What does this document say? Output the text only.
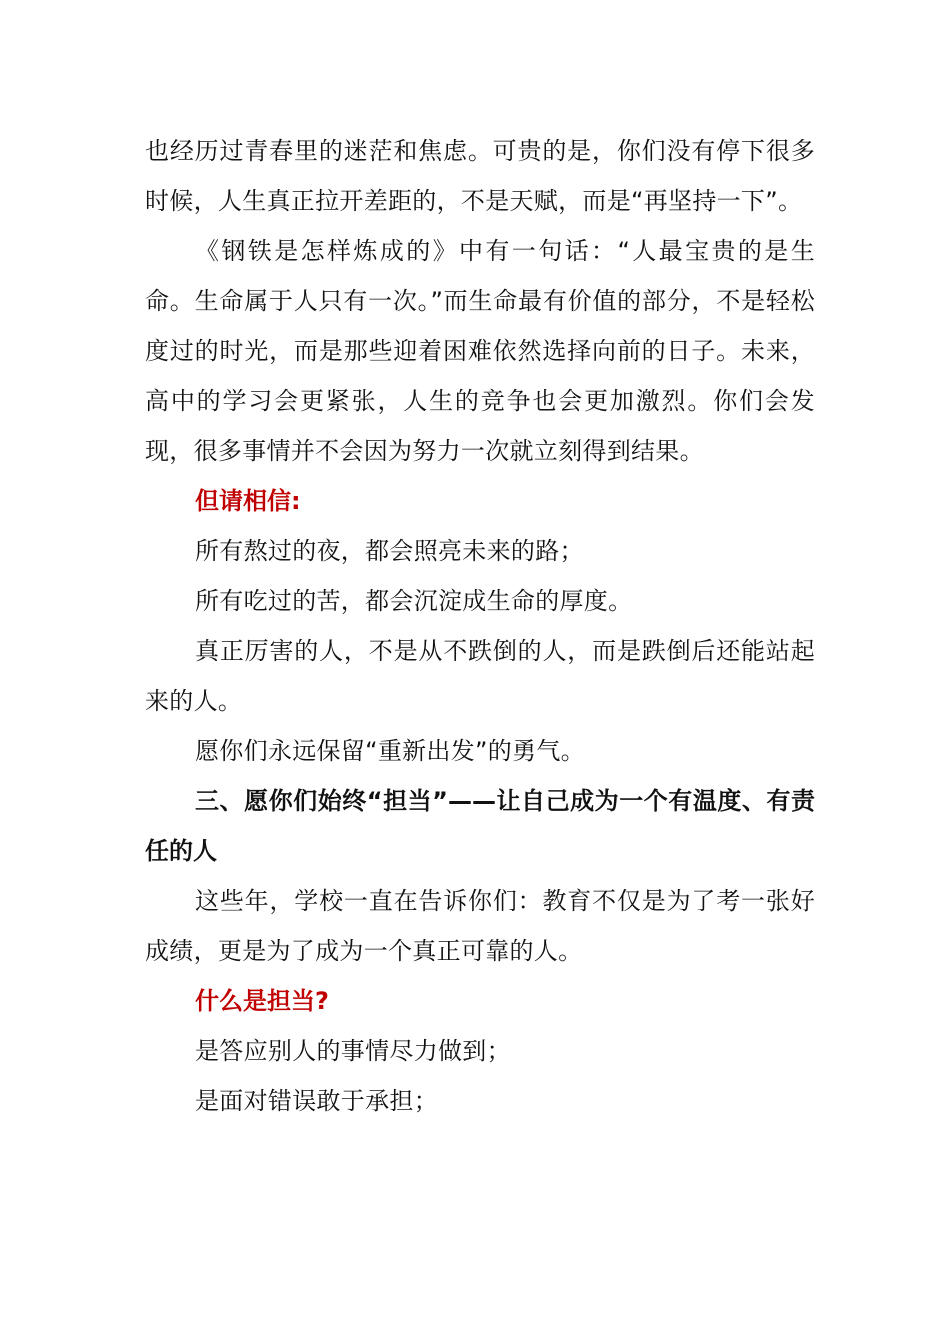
也经历过青春里的迷茫和焦虑。可贵的是，你们没有停下很多时候，人生真正拉开差距的，不是天赋，而是“再坚持一下”。

《钢铁是怎样炼成的》中有一句话：“人最宝贵的是生命。生命属于人只有一次。”而生命最有价值的部分，不是轻松度过的时光，而是那些迎着困难依然选择向前的日子。未来，高中的学习会更紧张，人生的竞争也会更加激烈。你们会发现，很多事情并不会因为努力一次就立刻得到结果。

但请相信:

所有熬过的夜，都会照亮未来的路；

所有吃过的苦，都会沉淀成生命的厚度。

真正厉害的人，不是从不跌倒的人，而是跌倒后还能站起来的人。

愿你们永远保留“重新出发”的勇气。

三、愿你们始终“担当”——让自己成为一个有温度、有责任的人

这些年，学校一直在告诉你们：教育不仅是为了考一张好成绩，更是为了成为一个真正可靠的人。

什么是担当?

是答应别人的事情尽力做到；

是面对错误敢于承担；
